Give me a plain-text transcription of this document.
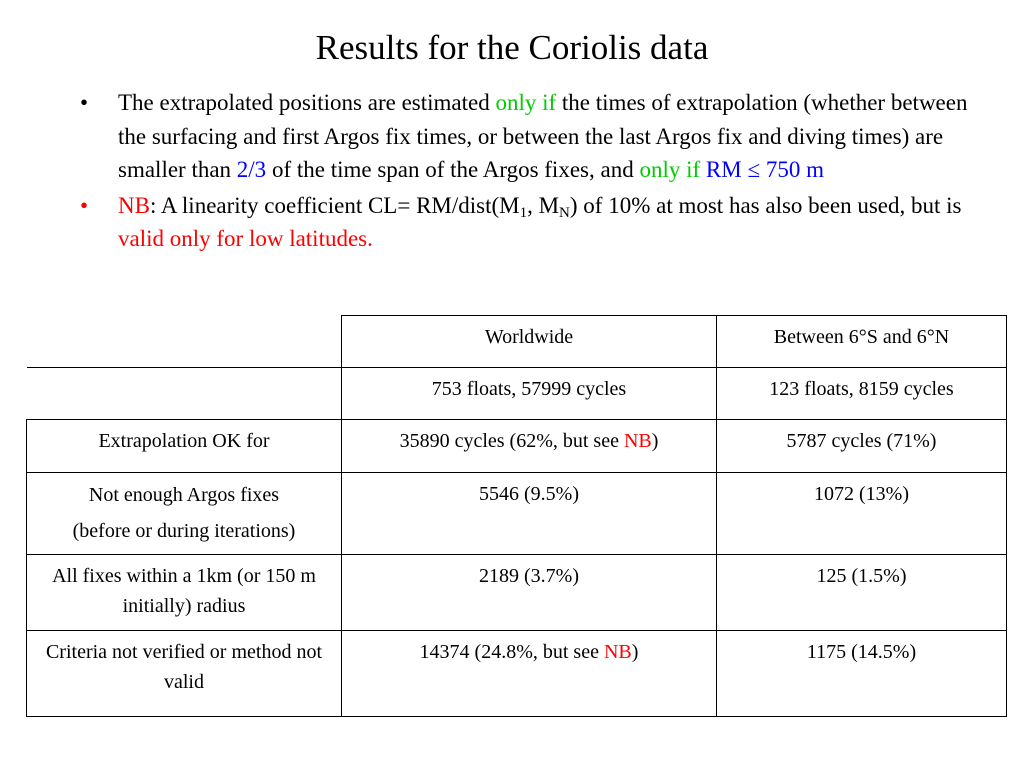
Results for the Coriolis data
• The extrapolated positions are estimated only if the times of extrapolation (whether between the surfacing and first Argos fix times, or between the last Argos fix and diving times) are smaller than 2/3 of the time span of the Argos fixes, and only if RM ≤ 750 m
• NB: A linearity coefficient $CL= RM/dist(M_1$, $M_N$) of 10% at most has also been used, but is valid only for low latitudes.
	Worldwide	Between 6°S and 6°N
	753 floats, 57999 cycles	123 floats, 8159 cycles
Extrapolation OK for	35890 cycles (62%, but see NB)	5787 cycles (71%)
Not enough Argos fixes
(before or during iterations)	5546 (9.5%)	1072 (13%)
All fixes within a 1km (or 150 m initially) radius	2189 (3.7%)	125 (1.5%)
Criteria not verified or method not valid	14374 (24.8%, but see NB)	1175 (14.5%)
